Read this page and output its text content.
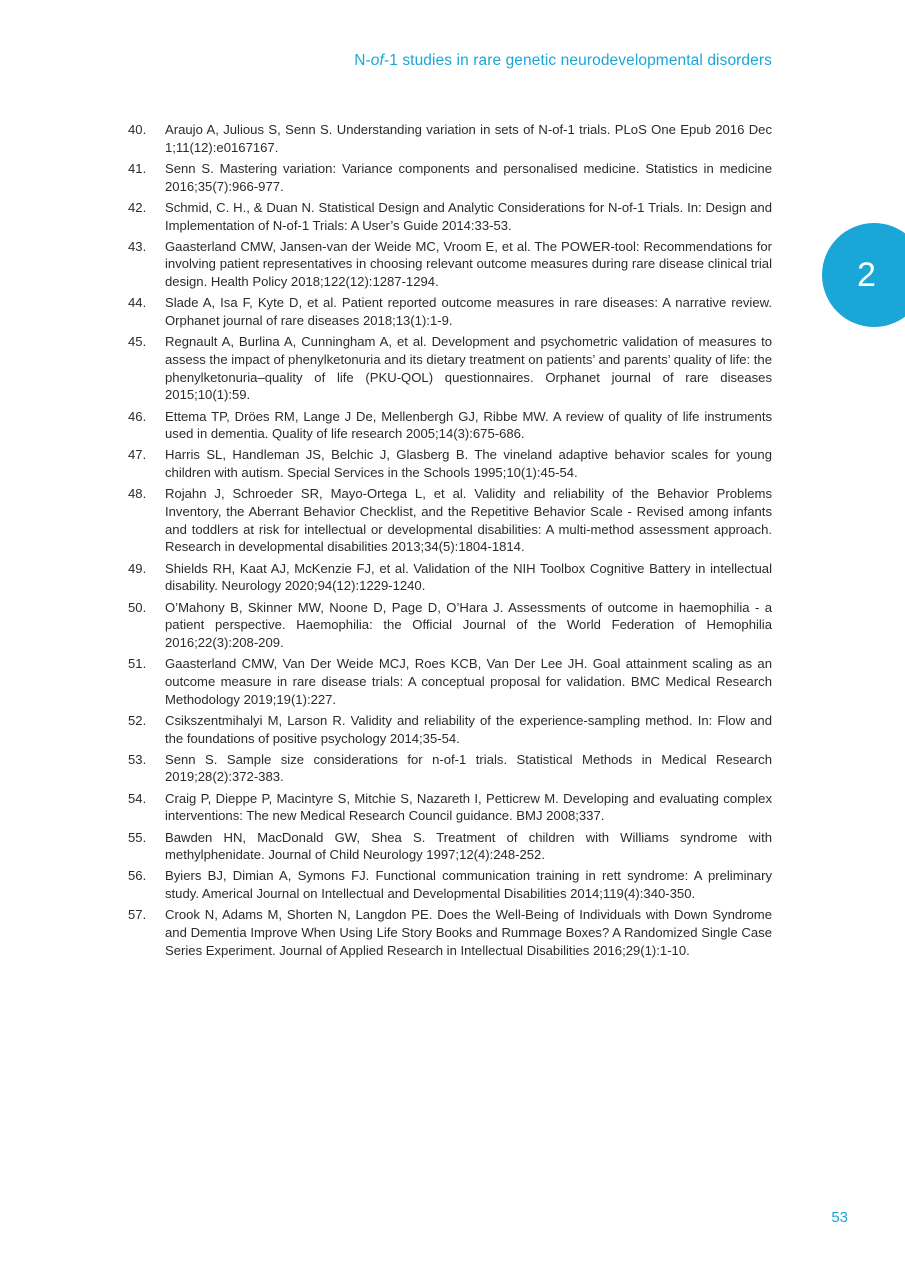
N-of-1 studies in rare genetic neurodevelopmental disorders
2
40.	Araujo A, Julious S, Senn S. Understanding variation in sets of N-of-1 trials. PLoS One Epub 2016 Dec 1;11(12):e0167167.
41.	Senn S. Mastering variation: Variance components and personalised medicine. Statistics in medicine 2016;35(7):966-977.
42.	Schmid, C. H., & Duan N. Statistical Design and Analytic Considerations for N-of-1 Trials. In: Design and Implementation of N-of-1 Trials: A User’s Guide 2014:33-53.
43.	Gaasterland CMW, Jansen-van der Weide MC, Vroom E, et al. The POWER-tool: Recommendations for involving patient representatives in choosing relevant outcome measures during rare disease clinical trial design. Health Policy 2018;122(12):1287-1294.
44.	Slade A, Isa F, Kyte D, et al. Patient reported outcome measures in rare diseases: A narrative review. Orphanet journal of rare diseases 2018;13(1):1-9.
45.	Regnault A, Burlina A, Cunningham A, et al. Development and psychometric validation of measures to assess the impact of phenylketonuria and its dietary treatment on patients’ and parents’ quality of life: the phenylketonuria–quality of life (PKU-QOL) questionnaires. Orphanet journal of rare diseases 2015;10(1):59.
46.	Ettema TP, Dröes RM, Lange J De, Mellenbergh GJ, Ribbe MW. A review of quality of life instruments used in dementia. Quality of life research 2005;14(3):675-686.
47.	Harris SL, Handleman JS, Belchic J, Glasberg B. The vineland adaptive behavior scales for young children with autism. Special Services in the Schools 1995;10(1):45-54.
48.	Rojahn J, Schroeder SR, Mayo-Ortega L, et al. Validity and reliability of the Behavior Problems Inventory, the Aberrant Behavior Checklist, and the Repetitive Behavior Scale - Revised among infants and toddlers at risk for intellectual or developmental disabilities: A multi-method assessment approach. Research in developmental disabilities 2013;34(5):1804-1814.
49.	Shields RH, Kaat AJ, McKenzie FJ, et al. Validation of the NIH Toolbox Cognitive Battery in intellectual disability. Neurology 2020;94(12):1229-1240.
50.	O’Mahony B, Skinner MW, Noone D, Page D, O’Hara J. Assessments of outcome in haemophilia - a patient perspective. Haemophilia: the Official Journal of the World Federation of Hemophilia 2016;22(3):208-209.
51.	Gaasterland CMW, Van Der Weide MCJ, Roes KCB, Van Der Lee JH. Goal attainment scaling as an outcome measure in rare disease trials: A conceptual proposal for validation. BMC Medical Research Methodology 2019;19(1):227.
52.	Csikszentmihalyi M, Larson R. Validity and reliability of the experience-sampling method. In: Flow and the foundations of positive psychology 2014;35-54.
53.	Senn S. Sample size considerations for n-of-1 trials. Statistical Methods in Medical Research 2019;28(2):372-383.
54.	Craig P, Dieppe P, Macintyre S, Mitchie S, Nazareth I, Petticrew M. Developing and evaluating complex interventions: The new Medical Research Council guidance. BMJ 2008;337.
55.	Bawden HN, MacDonald GW, Shea S. Treatment of children with Williams syndrome with methylphenidate. Journal of Child Neurology 1997;12(4):248-252.
56.	Byiers BJ, Dimian A, Symons FJ. Functional communication training in rett syndrome: A preliminary study. Americal Journal on Intellectual and Developmental Disabilities 2014;119(4):340-350.
57.	Crook N, Adams M, Shorten N, Langdon PE. Does the Well-Being of Individuals with Down Syndrome and Dementia Improve When Using Life Story Books and Rummage Boxes? A Randomized Single Case Series Experiment. Journal of Applied Research in Intellectual Disabilities 2016;29(1):1-10.
53
